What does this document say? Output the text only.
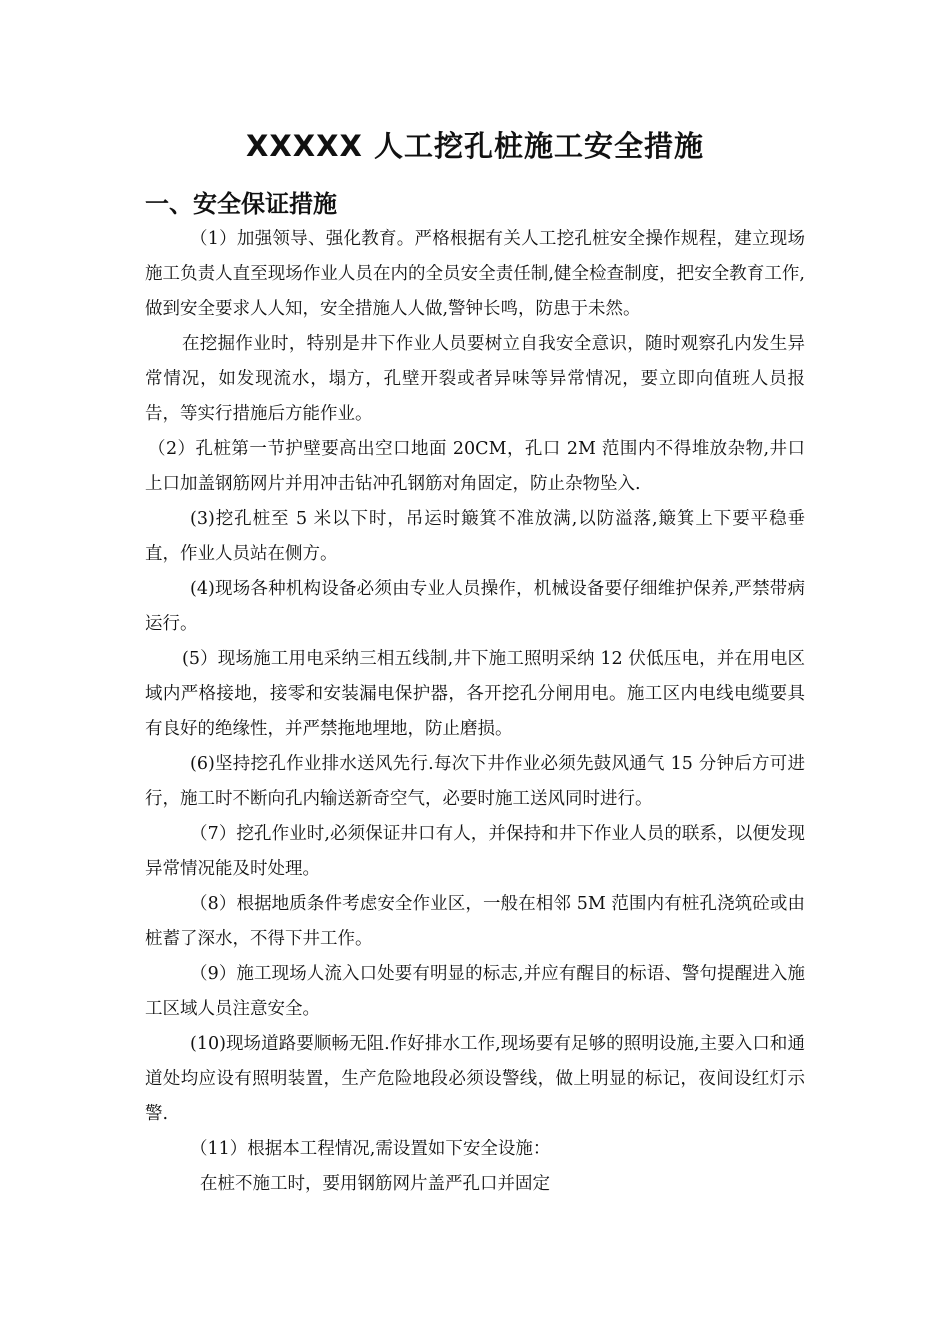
XXXXX 人工挖孔桩施工安全措施
一、安全保证措施

（1）加强领导、强化教育。严格根据有关人工挖孔桩安全操作规程，建立现场施工负责人直至现场作业人员在内的全员安全责任制,健全检查制度，把安全教育工作,做到安全要求人人知，安全措施人人做,警钟长鸣，防患于未然。

在挖掘作业时，特别是井下作业人员要树立自我安全意识，随时观察孔内发生异常情况，如发现流水，塌方，孔壁开裂或者异味等异常情况，要立即向值班人员报告，等实行措施后方能作业。

（2）孔桩第一节护壁要高出空口地面 20CM，孔口 2M 范围内不得堆放杂物,井口上口加盖钢筋网片并用冲击钻冲孔钢筋对角固定，防止杂物坠入.

(3)挖孔桩至 5 米以下时，吊运时簸箕不准放满,以防溢落,簸箕上下要平稳垂直，作业人员站在侧方。

(4)现场各种机构设备必须由专业人员操作，机械设备要仔细维护保养,严禁带病运行。

(5）现场施工用电采纳三相五线制,井下施工照明采纳 12 伏低压电，并在用电区域内严格接地，接零和安装漏电保护器，各开挖孔分闸用电。施工区内电线电缆要具有良好的绝缘性，并严禁拖地埋地，防止磨损。

(6)坚持挖孔作业排水送风先行.每次下井作业必须先鼓风通气 15 分钟后方可进行，施工时不断向孔内输送新奇空气，必要时施工送风同时进行。

（7）挖孔作业时,必须保证井口有人，并保持和井下作业人员的联系，以便发现异常情况能及时处理。

（8）根据地质条件考虑安全作业区，一般在相邻 5M 范围内有桩孔浇筑砼或由桩蓄了深水，不得下井工作。

（9）施工现场人流入口处要有明显的标志,并应有醒目的标语、警句提醒进入施工区域人员注意安全。

(10)现场道路要顺畅无阻.作好排水工作,现场要有足够的照明设施,主要入口和通道处均应设有照明装置，生产危险地段必须设警线，做上明显的标记，夜间设红灯示警.

（11）根据本工程情况,需设置如下安全设施：

在桩不施工时，要用钢筋网片盖严孔口并固定
